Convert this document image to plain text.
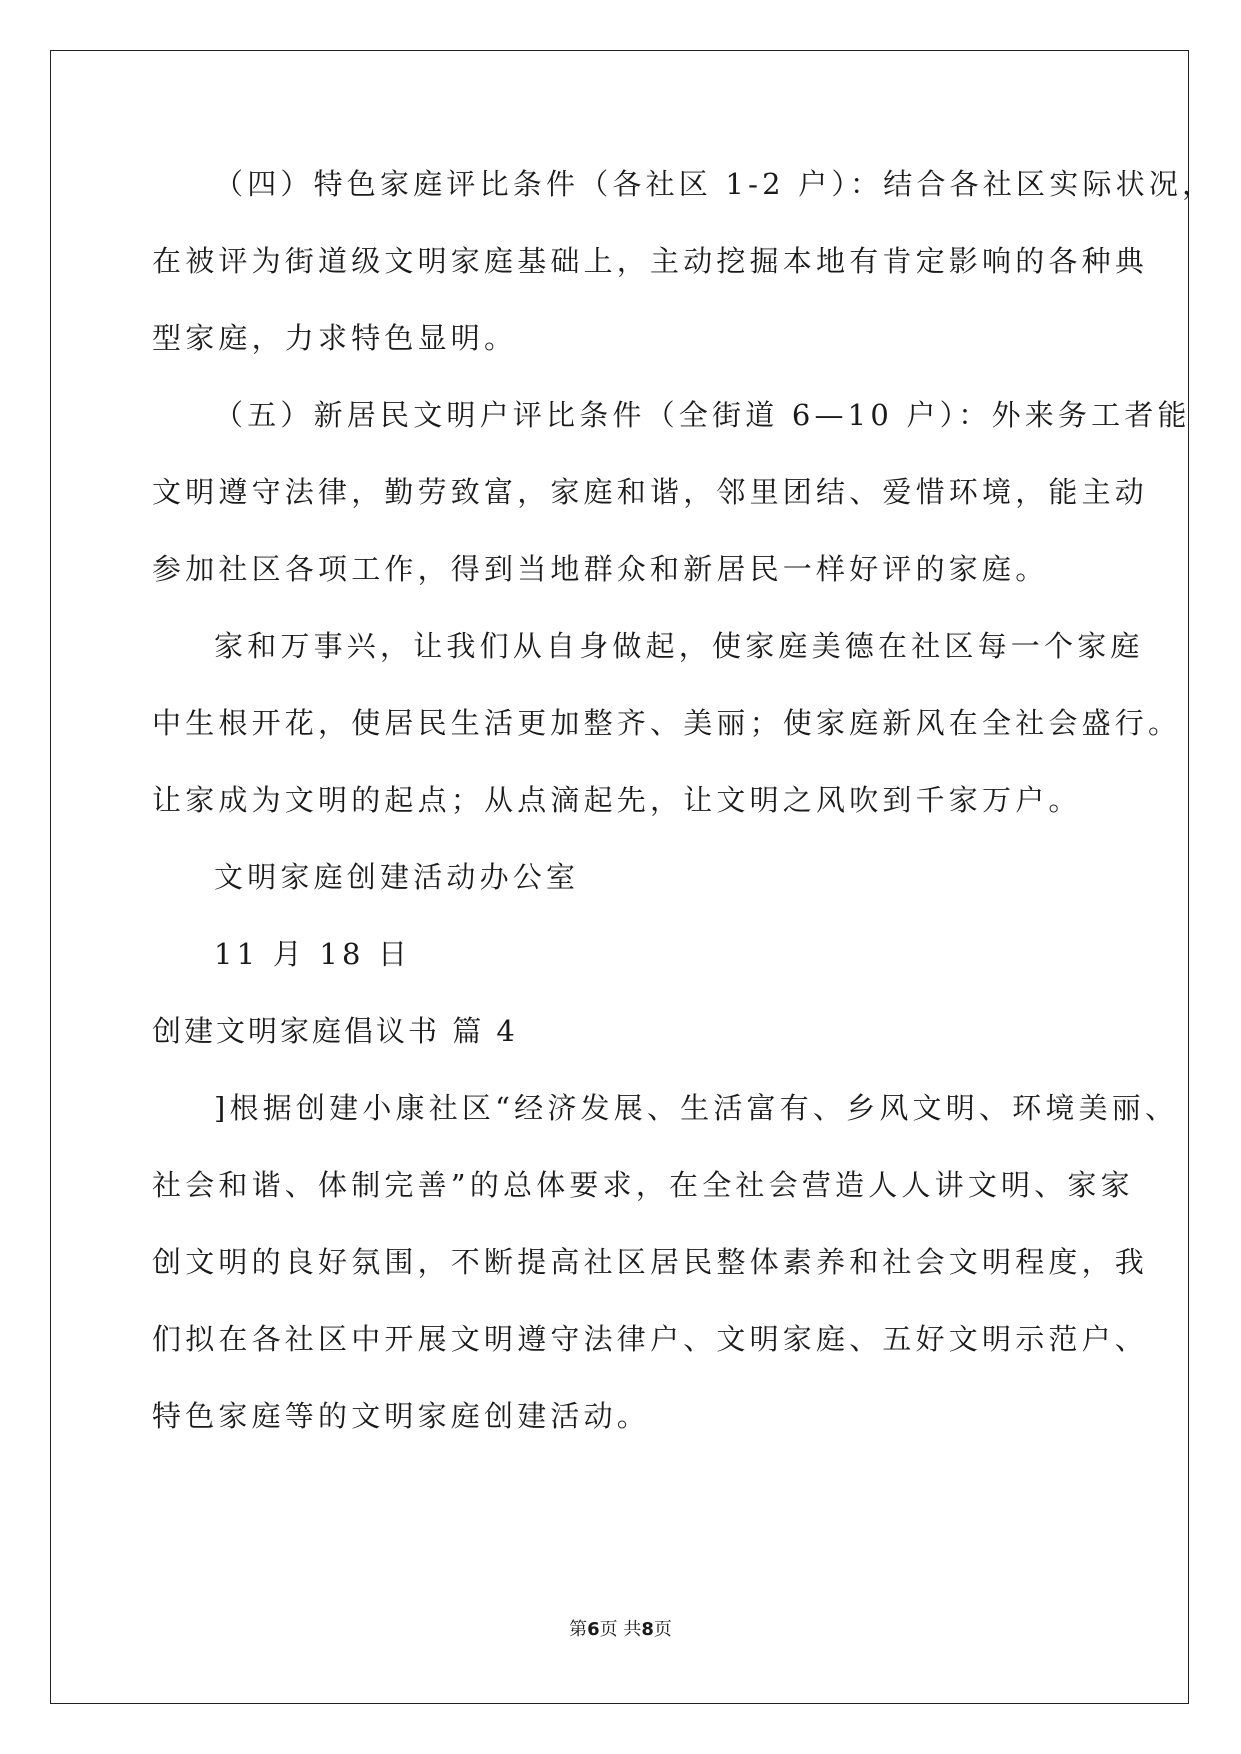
（四）特色家庭评比条件（各社区 1-2 户）：结合各社区实际状况，
在被评为街道级文明家庭基础上，主动挖掘本地有肯定影响的各种典
型家庭，力求特色显明。
（五）新居民文明户评比条件（全街道 6—10 户）：外来务工者能
文明遵守法律，勤劳致富，家庭和谐，邻里团结、爱惜环境，能主动
参加社区各项工作，得到当地群众和新居民一样好评的家庭。
家和万事兴，让我们从自身做起，使家庭美德在社区每一个家庭
中生根开花，使居民生活更加整齐、美丽；使家庭新风在全社会盛行。
让家成为文明的起点；从点滴起先，让文明之风吹到千家万户。
文明家庭创建活动办公室
11 月 18 日
创建文明家庭倡议书 篇 4
]根据创建小康社区“经济发展、生活富有、乡风文明、环境美丽、
社会和谐、体制完善”的总体要求，在全社会营造人人讲文明、家家
创文明的良好氛围，不断提高社区居民整体素养和社会文明程度，我
们拟在各社区中开展文明遵守法律户、文明家庭、五好文明示范户、
特色家庭等的文明家庭创建活动。
第6页 共8页
